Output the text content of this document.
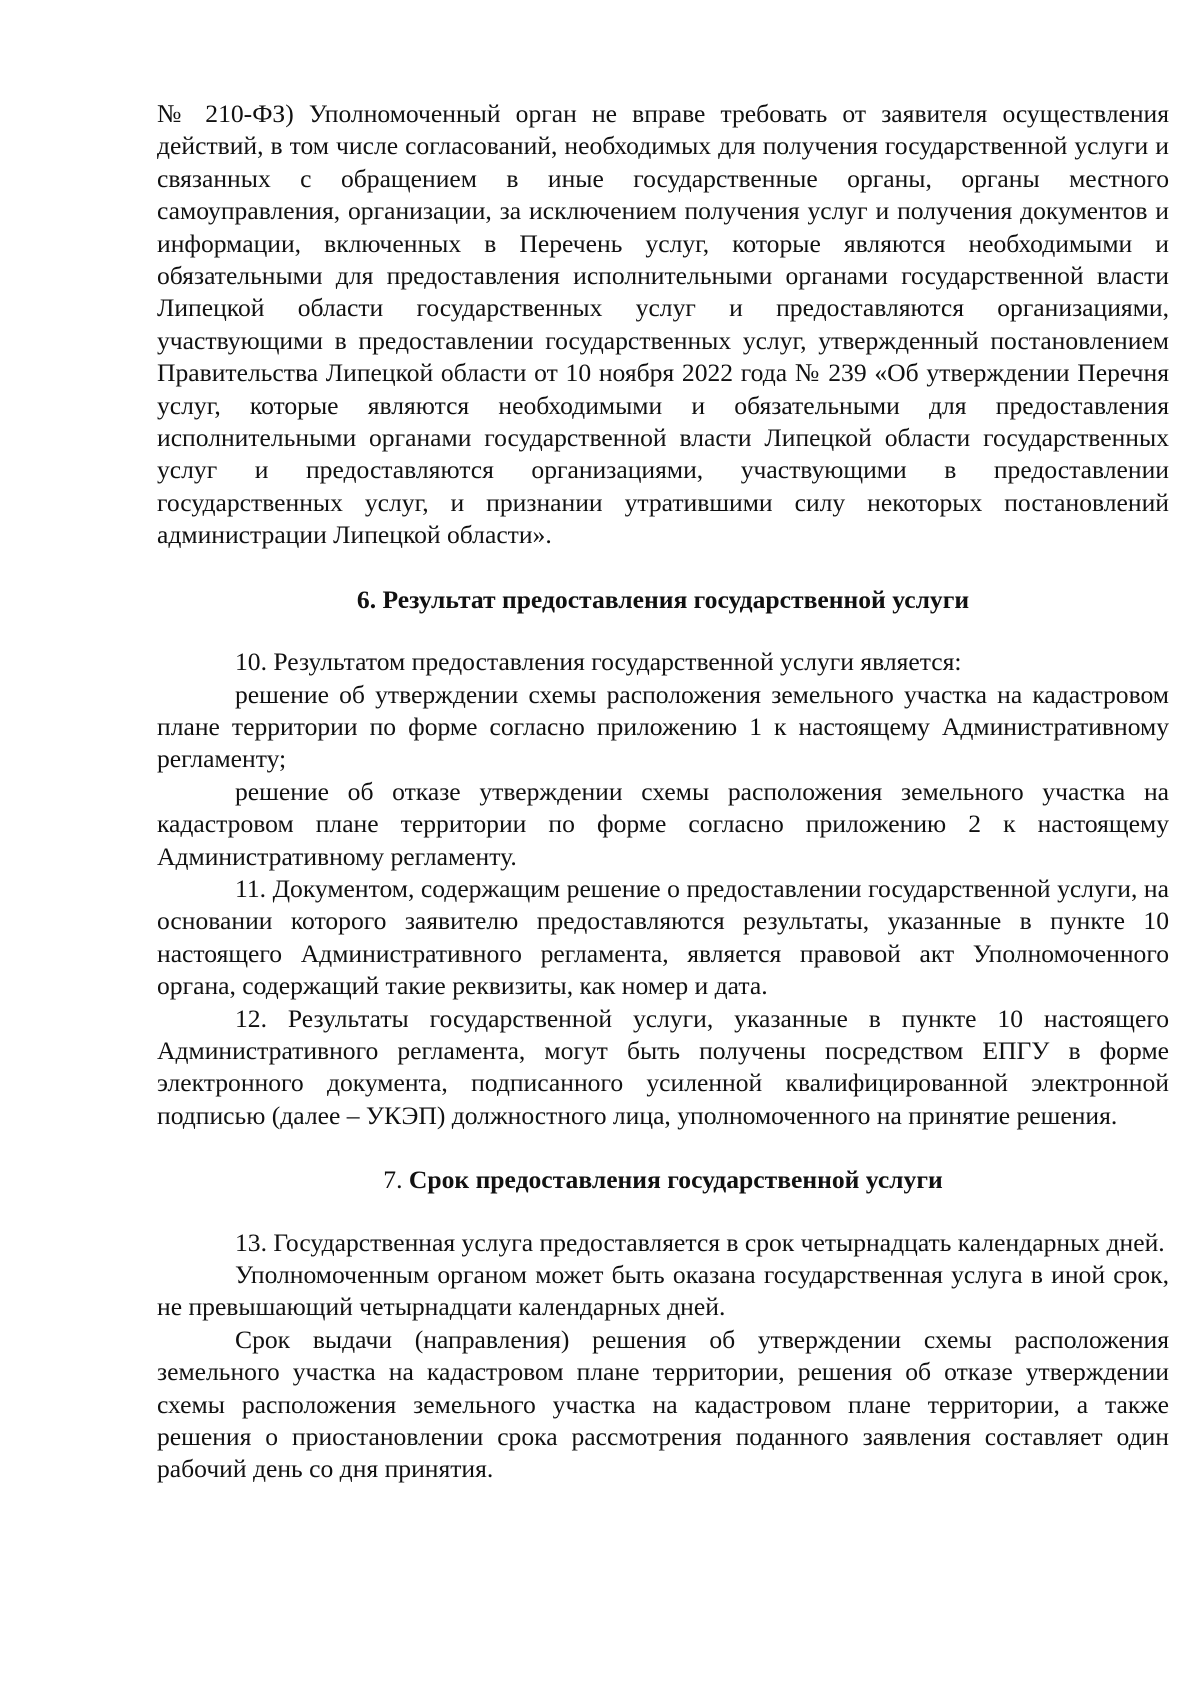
№ 210-ФЗ) Уполномоченный орган не вправе требовать от заявителя осуществления действий, в том числе согласований, необходимых для получения государственной услуги и связанных с обращением в иные государственные органы, органы местного самоуправления, организации, за исключением получения услуг и получения документов и информации, включенных в Перечень услуг, которые являются необходимыми и обязательными для предоставления исполнительными органами государственной власти Липецкой области государственных услуг и предоставляются организациями, участвующими в предоставлении государственных услуг, утвержденный постановлением Правительства Липецкой области от 10 ноября 2022 года № 239 «Об утверждении Перечня услуг, которые являются необходимыми и обязательными для предоставления исполнительными органами государственной власти Липецкой области государственных услуг и предоставляются организациями, участвующими в предоставлении государственных услуг, и признании утратившими силу некоторых постановлений администрации Липецкой области».

6. Результат предоставления государственной услуги

10. Результатом предоставления государственной услуги является:

решение об утверждении схемы расположения земельного участка на кадастровом плане территории по форме согласно приложению 1 к настоящему Административному регламенту;

решение об отказе утверждении схемы расположения земельного участка на кадастровом плане территории по форме согласно приложению 2 к настоящему Административному регламенту.

11. Документом, содержащим решение о предоставлении государственной услуги, на основании которого заявителю предоставляются результаты, указанные в пункте 10 настоящего Административного регламента, является правовой акт Уполномоченного органа, содержащий такие реквизиты, как номер и дата.

12. Результаты государственной услуги, указанные в пункте 10 настоящего Административного регламента, могут быть получены посредством ЕПГУ в форме электронного документа, подписанного усиленной квалифицированной электронной подписью (далее – УКЭП) должностного лица, уполномоченного на принятие решения.

7. Срок предоставления государственной услуги

13. Государственная услуга предоставляется в срок четырнадцать календарных дней.

Уполномоченным органом может быть оказана государственная услуга в иной срок, не превышающий четырнадцати календарных дней.

Срок выдачи (направления) решения об утверждении схемы расположения земельного участка на кадастровом плане территории, решения об отказе утверждении схемы расположения земельного участка на кадастровом плане территории, а также решения о приостановлении срока рассмотрения поданного заявления составляет один рабочий день со дня принятия.
